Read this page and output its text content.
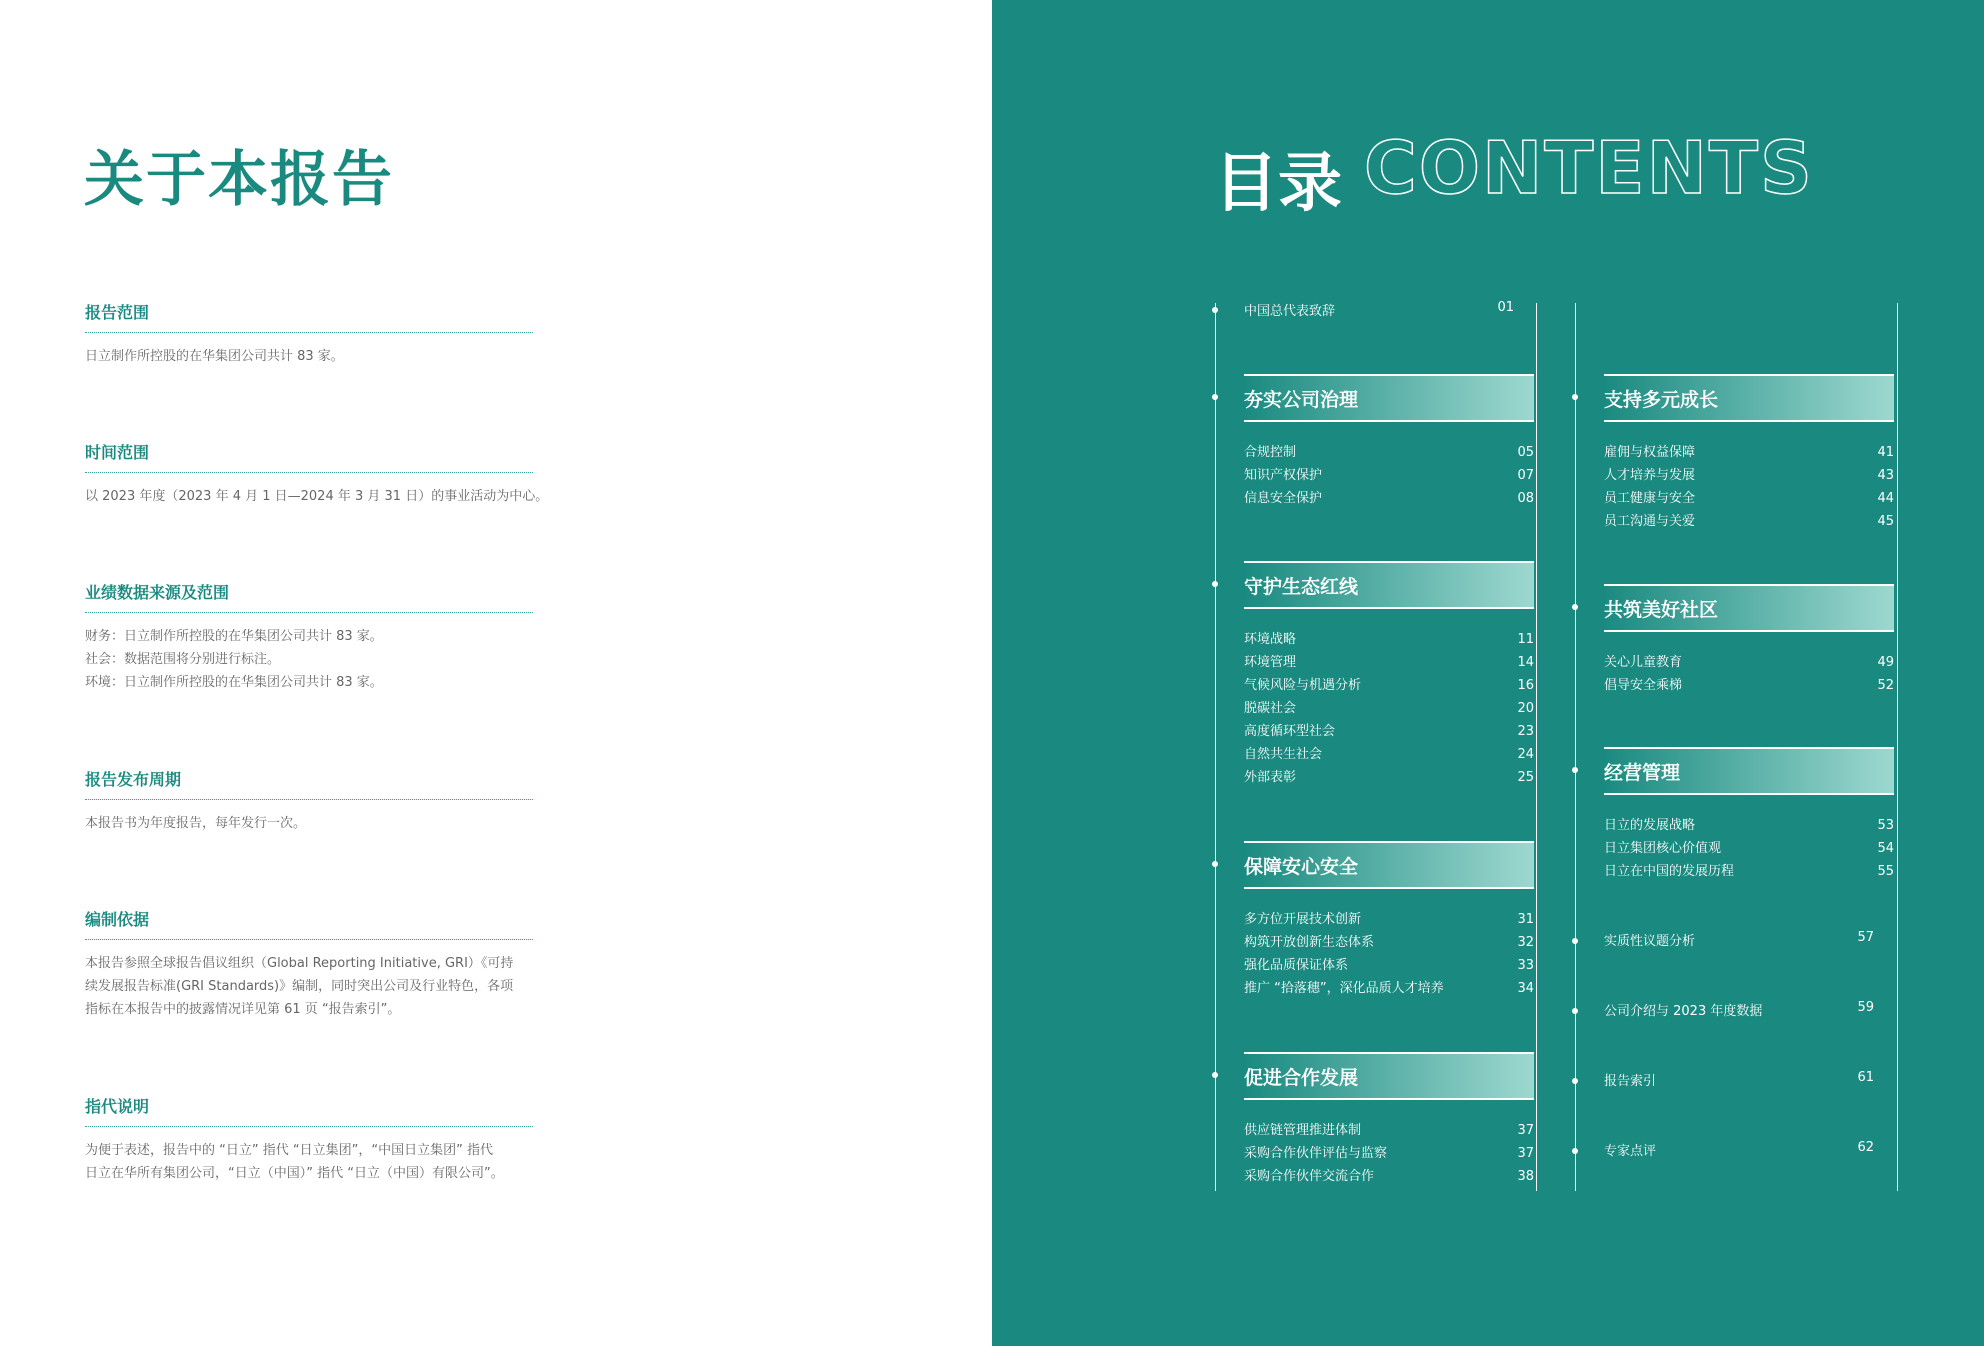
关于本报告
报告范围
日立制作所控股的在华集团公司共计 83 家。
时间范围
以 2023 年度（2023 年 4 月 1 日—2024 年 3 月 31 日）的事业活动为中心。
业绩数据来源及范围
财务：日立制作所控股的在华集团公司共计 83 家。
社会：数据范围将分别进行标注。
环境：日立制作所控股的在华集团公司共计 83 家。
报告发布周期
本报告书为年度报告，每年发行一次。
编制依据
本报告参照全球报告倡议组织（Global Reporting Initiative, GRI）《可持
续发展报告标准(GRI Standards)》编制，同时突出公司及行业特色，各项
指标在本报告中的披露情况详见第 61 页 “报告索引”。
指代说明
为便于表述，报告中的 “日立” 指代 “日立集团”，“中国日立集团” 指代
日立在华所有集团公司，“日立（中国）” 指代 “日立（中国）有限公司”。
目录 CONTENTS
中国总代表致辞	01
夯实公司治理
合规控制	05
知识产权保护	07
信息安全保护	08
守护生态红线
环境战略	11
环境管理	14
气候风险与机遇分析	16
脱碳社会	20
高度循环型社会	23
自然共生社会	24
外部表彰	25
保障安心安全
多方位开展技术创新	31
构筑开放创新生态体系	32
强化品质保证体系	33
推广 “拾落穗”，深化品质人才培养	34
促进合作发展
供应链管理推进体制	37
采购合作伙伴评估与监察	37
采购合作伙伴交流合作	38
支持多元成长
雇佣与权益保障	41
人才培养与发展	43
员工健康与安全	44
员工沟通与关爱	45
共筑美好社区
关心儿童教育	49
倡导安全乘梯	52
经营管理
日立的发展战略	53
日立集团核心价值观	54
日立在中国的发展历程	55
实质性议题分析	57
公司介绍与 2023 年度数据	59
报告索引	61
专家点评	62
